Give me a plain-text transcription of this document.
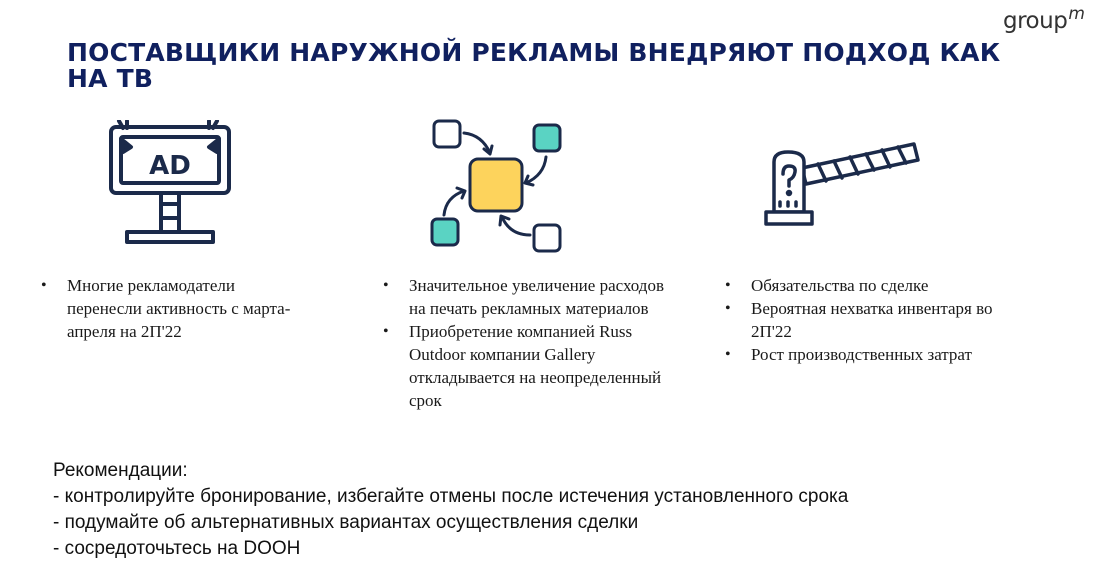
group$^m$
ПОСТАВЩИКИ НАРУЖНОЙ РЕКЛАМЫ ВНЕДРЯЮТ ПОДХОД КАК НА ТВ
AD
• Многие рекламодатели перенесли активность с марта-апреля на 2П'22
• Значительное увеличение расходов на печать рекламных материалов
• Приобретение компанией Russ Outdoor компании Gallery откладывается на неопределенный срок
• Обязательства по сделке
• Вероятная нехватка инвентаря во 2П'22
• Рост производственных затрат
Рекомендации:
- контролируйте бронирование, избегайте отмены после истечения установленного срока
- подумайте об альтернативных вариантах осуществления сделки
- сосредоточьтесь на DOOH
